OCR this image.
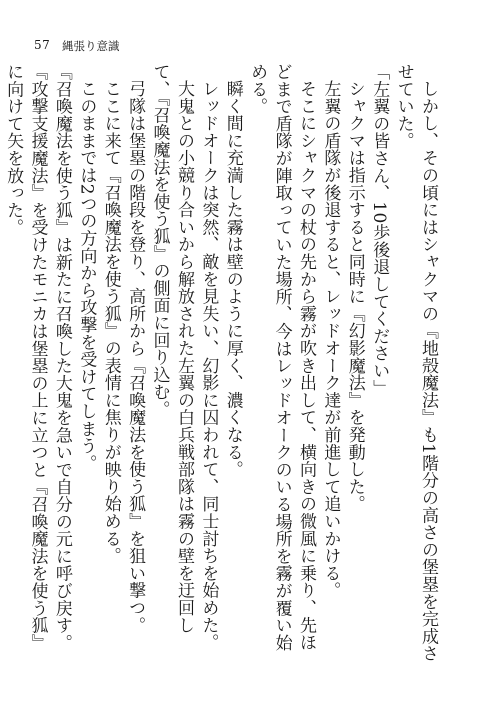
57 縄張り意識

しかし、その頃にはシャクマの『地殻魔法』も1階分の高さの堡塁を完成させていた。

「左翼の皆さん、10歩後退してください」

シャクマは指示すると同時に『幻影魔法』を発動した。

左翼の盾隊が後退すると、レッドオーク達が前進して追いかける。

そこにシャクマの杖の先から霧が吹き出して、横向きの微風に乗り、先ほどまで盾隊が陣取っていた場所、今はレッドオークのいる場所を霧が覆い始める。

瞬く間に充満した霧は壁のように厚く、濃くなる。

レッドオークは突然、敵を見失い、幻影に囚われて、同士討ちを始めた。

大鬼との小競り合いから解放された左翼の白兵戦部隊は霧の壁を迂回して、『召喚魔法を使う狐』の側面に回り込む。

弓隊は堡塁の階段を登り、高所から『召喚魔法を使う狐』を狙い撃つ。

ここに来て『召喚魔法を使う狐』の表情に焦りが映り始める。

このままでは2つの方向から攻撃を受けてしまう。

『召喚魔法を使う狐』は新たに召喚した大鬼を急いで自分の元に呼び戻す。

『攻撃支援魔法』を受けたモニカは堡塁の上に立つと『召喚魔法を使う狐』に向けて矢を放った。
